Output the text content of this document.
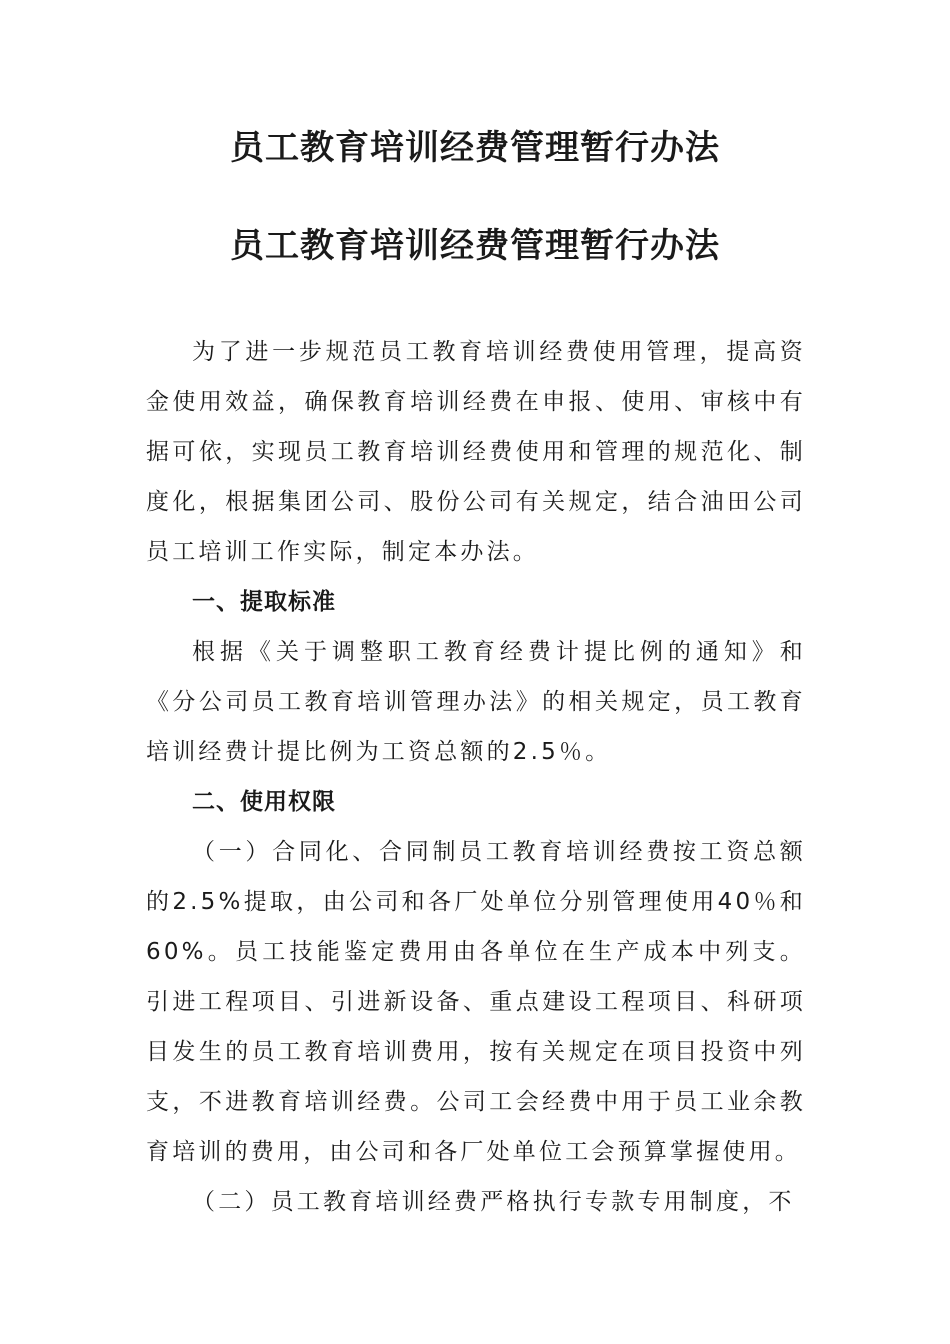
员工教育培训经费管理暂行办法
员工教育培训经费管理暂行办法

为了进一步规范员工教育培训经费使用管理，提高资金使用效益，确保教育培训经费在申报、使用、审核中有据可依，实现员工教育培训经费使用和管理的规范化、制度化，根据集团公司、股份公司有关规定，结合油田公司员工培训工作实际，制定本办法。

一、提取标准

根据《关于调整职工教育经费计提比例的通知》和《分公司员工教育培训管理办法》的相关规定，员工教育培训经费计提比例为工资总额的2.5％。

二、使用权限

（一）合同化、合同制员工教育培训经费按工资总额的2.5%提取，由公司和各厂处单位分别管理使用40％和60%。员工技能鉴定费用由各单位在生产成本中列支。引进工程项目、引进新设备、重点建设工程项目、科研项目发生的员工教育培训费用，按有关规定在项目投资中列支，不进教育培训经费。公司工会经费中用于员工业余教育培训的费用，由公司和各厂处单位工会预算掌握使用。

（二）员工教育培训经费严格执行专款专用制度，不
